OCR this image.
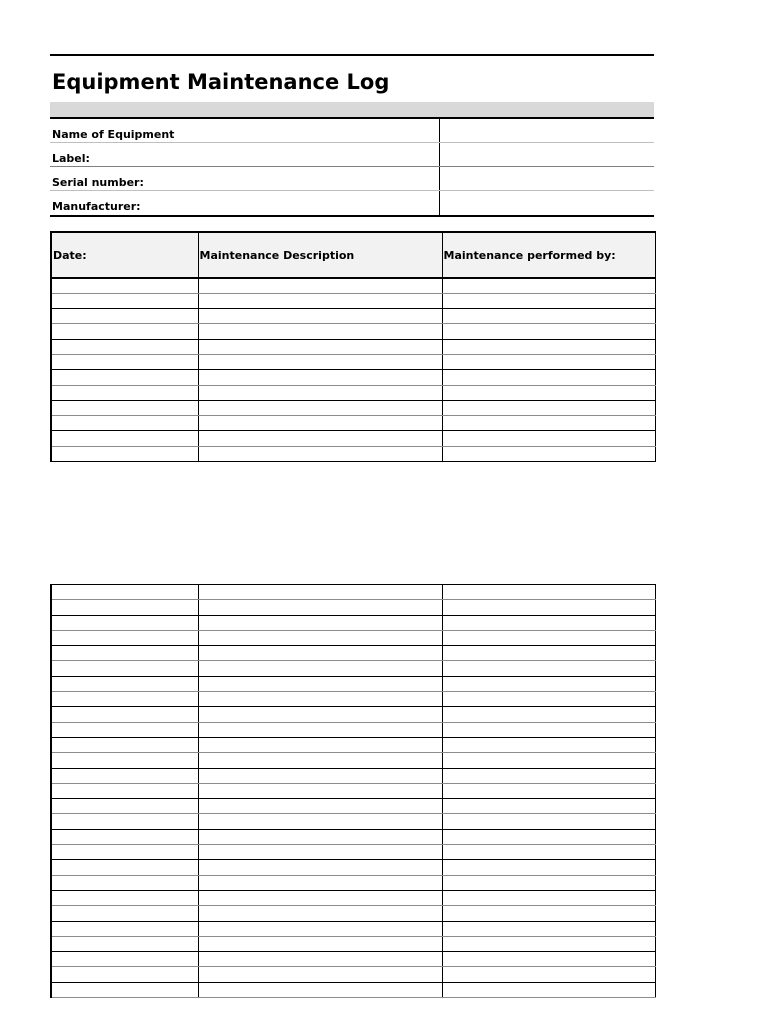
Equipment Maintenance Log
Name of Equipment
Label:
Serial number:
Manufacturer:
Date:	Maintenance Description	Maintenance performed by:
